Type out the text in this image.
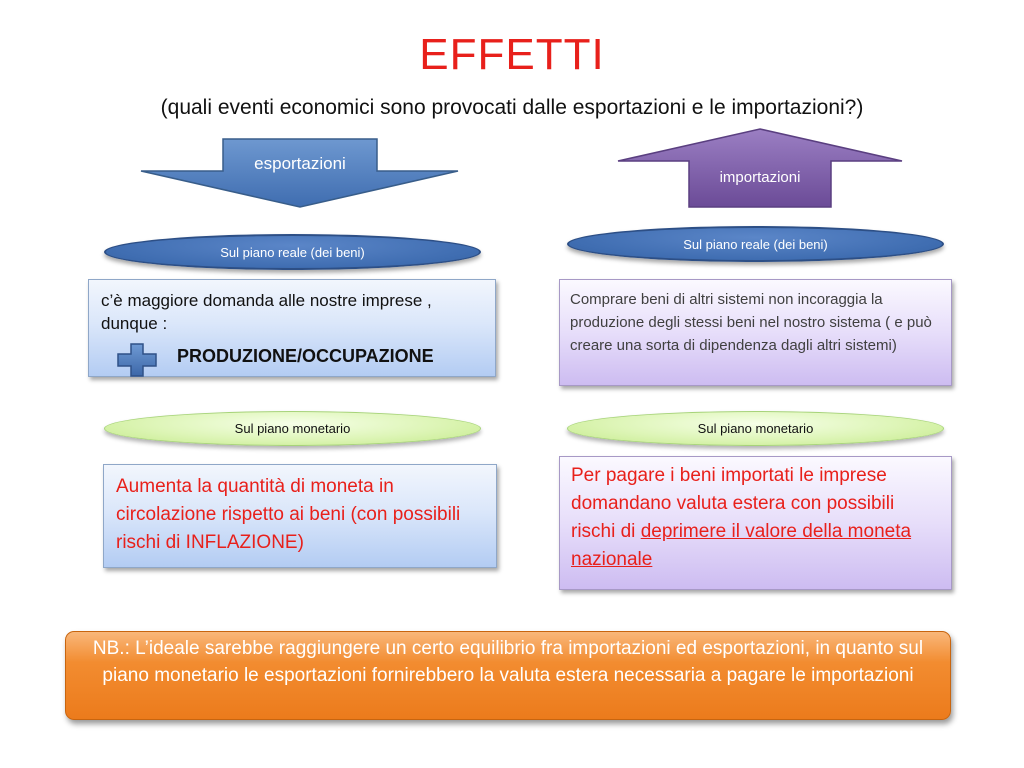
EFFETTI
(quali eventi economici sono provocati dalle esportazioni e le importazioni?)
esportazioni
importazioni
Sul piano reale (dei beni)
Sul piano reale (dei beni)
c’è maggiore domanda alle nostre imprese , dunque :
PRODUZIONE/OCCUPAZIONE
Comprare beni di altri sistemi non incoraggia la produzione degli stessi beni nel nostro sistema ( e può creare una sorta di dipendenza dagli altri sistemi)
Sul piano monetario	Sul piano monetario
Aumenta la quantità di moneta in circolazione rispetto ai beni (con possibili rischi di INFLAZIONE)
Per pagare i beni importati le imprese domandano valuta estera con possibili rischi di deprimere il valore della moneta nazionale
NB.: L’ideale sarebbe raggiungere un certo equilibrio fra importazioni ed esportazioni, in quanto sul piano monetario le esportazioni fornirebbero la valuta estera necessaria a pagare le importazioni
